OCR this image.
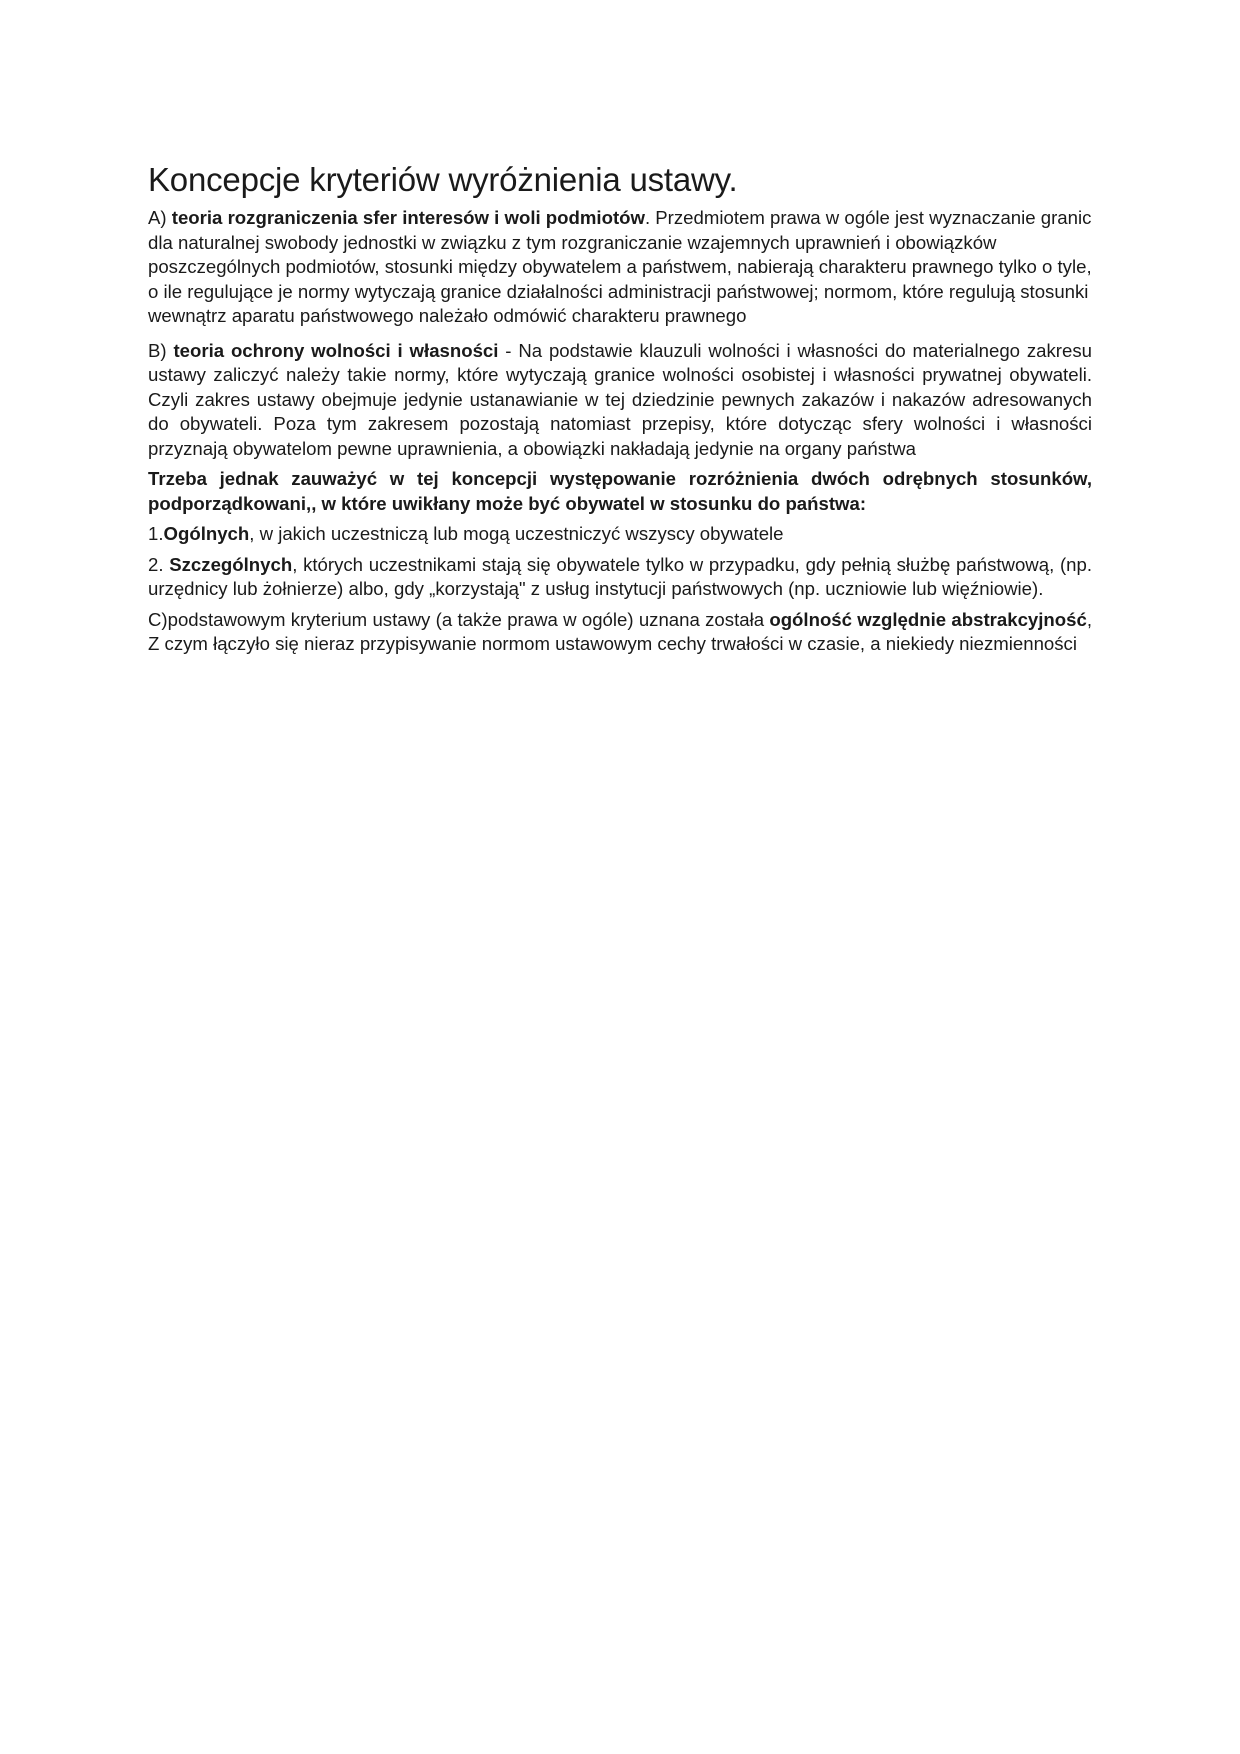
Koncepcje kryteriów wyróżnienia ustawy.

A) teoria rozgraniczenia sfer interesów i woli podmiotów. Przedmiotem prawa w ogóle jest wyznaczanie granic dla naturalnej swobody jednostki w związku z tym rozgraniczanie wzajemnych uprawnień i obowiązków poszczególnych podmiotów, stosunki między obywatelem a państwem, nabierają charakteru prawnego tylko o tyle, o ile regulujące je normy wytyczają granice działalności administracji państwowej; normom, które regulują stosunki wewnątrz aparatu państwowego należało odmówić charakteru prawnego

B) teoria ochrony wolności i własności - Na podstawie klauzuli wolności i własności do materialnego zakresu ustawy zaliczyć należy takie normy, które wytyczają granice wolności osobistej i własności prywatnej obywateli. Czyli zakres ustawy obejmuje jedynie ustanawianie w tej dziedzinie pewnych zakazów i nakazów adresowanych do obywateli. Poza tym zakresem pozostają natomiast przepisy, które dotycząc sfery wolności i własności przyznają obywatelom pewne uprawnienia, a obowiązki nakładają jedynie na organy państwa

Trzeba jednak zauważyć w tej koncepcji występowanie rozróżnienia dwóch odrębnych stosunków, podporządkowani,, w które uwikłany może być obywatel w stosunku do państwa:

1.Ogólnych, w jakich uczestniczą lub mogą uczestniczyć wszyscy obywatele

2. Szczególnych, których uczestnikami stają się obywatele tylko w przypadku, gdy pełnią służbę państwową, (np. urzędnicy lub żołnierze) albo, gdy „korzystają" z usług instytucji państwowych (np. uczniowie lub więźniowie).

C)podstawowym kryterium ustawy (a także prawa w ogóle) uznana została ogólność względnie abstrakcyjność, Z czym łączyło się nieraz przypisywanie normom ustawowym cechy trwałości w czasie, a niekiedy niezmienności
